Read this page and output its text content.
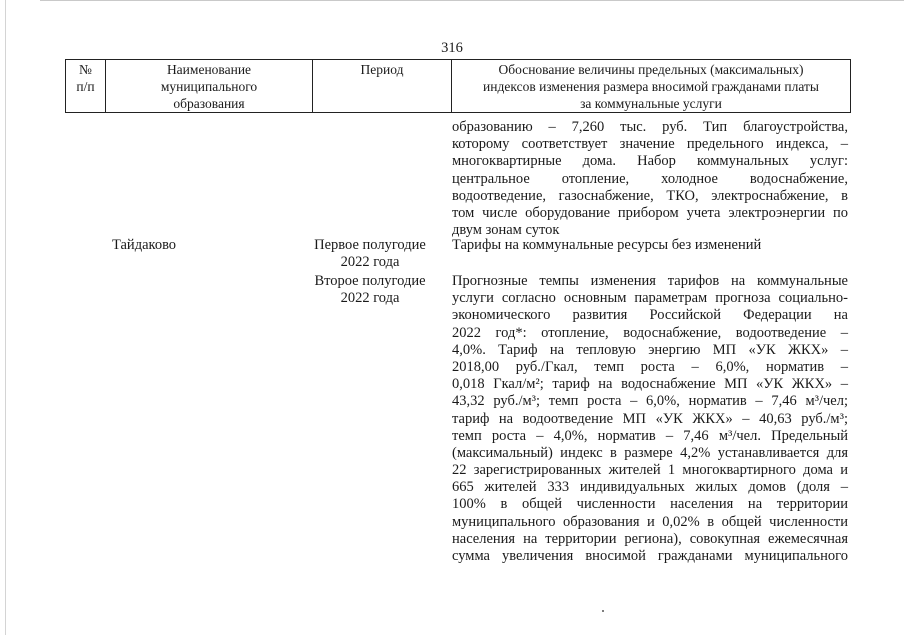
316
№
п/п
Наименование
муниципального
образования
Период	Обоснование величины предельных (максимальных)
индексов изменения размера вносимой гражданами платы
за коммунальные услуги
образованию – 7,260 тыс. руб. Тип благоустройства,
которому соответствует значение предельного индекса, –
многоквартирные дома. Набор коммунальных услуг:
центральное отопление, холодное водоснабжение,
водоотведение, газоснабжение, ТКО, электроснабжение, в
том числе оборудование прибором учета электроэнергии по
двум зонам суток
Тайдаково	Первое полугодие
2022 года
Тарифы на коммунальные ресурсы без изменений
Второе полугодие
2022 года
Прогнозные темпы изменения тарифов на коммунальные
услуги согласно основным параметрам прогноза социально-
экономического развития Российской Федерации на
2022 год*: отопление, водоснабжение, водоотведение –
4,0%. Тариф на тепловую энергию МП «УК ЖКХ» –
2018,00 руб./Гкал, темп роста – 6,0%, норматив –
0,018 Гкал/м²; тариф на водоснабжение МП «УК ЖКХ» –
43,32 руб./м³; темп роста – 6,0%, норматив – 7,46 м³/чел;
тариф на водоотведение МП «УК ЖКХ» – 40,63 руб./м³;
темп роста – 4,0%, норматив – 7,46 м³/чел. Предельный
(максимальный) индекс в размере 4,2% устанавливается для
22 зарегистрированных жителей 1 многоквартирного дома и
665 жителей 333 индивидуальных жилых домов (доля –
100% в общей численности населения на территории
муниципального образования и 0,02% в общей численности
населения на территории региона), совокупная ежемесячная
сумма увеличения вносимой гражданами муниципального
